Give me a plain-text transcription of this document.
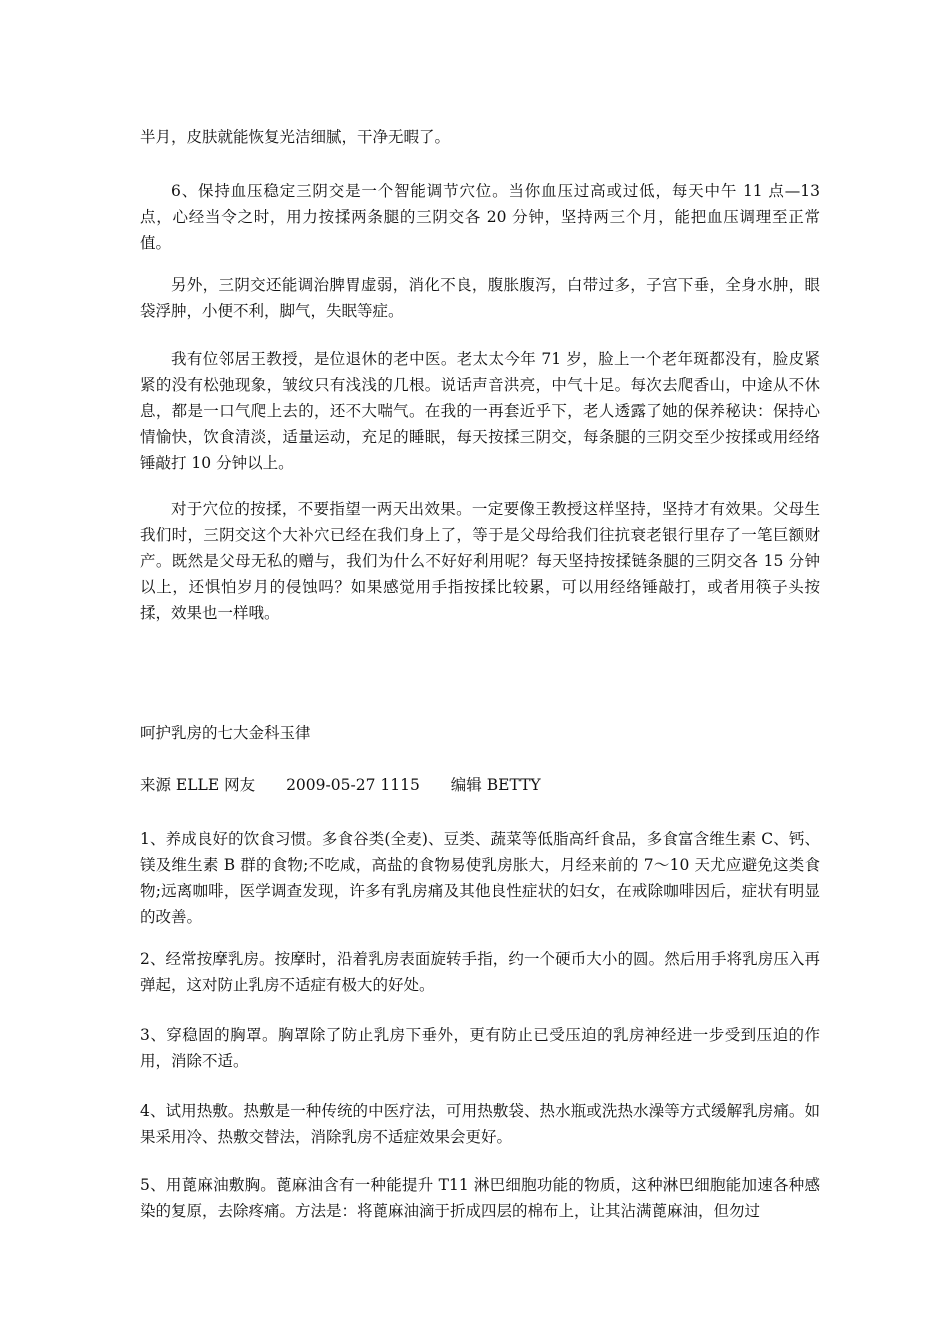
半月，皮肤就能恢复光洁细腻，干净无暇了。

6、保持血压稳定三阴交是一个智能调节穴位。当你血压过高或过低，每天中午 11 点—13 点，心经当令之时，用力按揉两条腿的三阴交各 20 分钟，坚持两三个月，能把血压调理至正常值。

另外，三阴交还能调治脾胃虚弱，消化不良，腹胀腹泻，白带过多，子宫下垂，全身水肿，眼袋浮肿，小便不利，脚气，失眠等症。

我有位邻居王教授，是位退休的老中医。老太太今年 71 岁，脸上一个老年斑都没有，脸皮紧紧的没有松弛现象，皱纹只有浅浅的几根。说话声音洪亮，中气十足。每次去爬香山，中途从不休息，都是一口气爬上去的，还不大喘气。在我的一再套近乎下，老人透露了她的保养秘诀：保持心情愉快，饮食清淡，适量运动，充足的睡眠，每天按揉三阴交，每条腿的三阴交至少按揉或用经络锤敲打 10 分钟以上。

对于穴位的按揉，不要指望一两天出效果。一定要像王教授这样坚持，坚持才有效果。父母生我们时，三阴交这个大补穴已经在我们身上了，等于是父母给我们往抗衰老银行里存了一笔巨额财产。既然是父母无私的赠与，我们为什么不好好利用呢？每天坚持按揉链条腿的三阴交各 15 分钟以上，还惧怕岁月的侵蚀吗？如果感觉用手指按揉比较累，可以用经络锤敲打，或者用筷子头按揉，效果也一样哦。

呵护乳房的七大金科玉律

来源 ELLE 网友　　2009-05-27 1115　　编辑 BETTY

1、养成良好的饮食习惯。多食谷类(全麦)、豆类、蔬菜等低脂高纤食品，多食富含维生素 C、钙、镁及维生素 B 群的食物;不吃咸，高盐的食物易使乳房胀大，月经来前的 7～10 天尤应避免这类食物;远离咖啡，医学调查发现，许多有乳房痛及其他良性症状的妇女，在戒除咖啡因后，症状有明显的改善。

2、经常按摩乳房。按摩时，沿着乳房表面旋转手指，约一个硬币大小的圆。然后用手将乳房压入再弹起，这对防止乳房不适症有极大的好处。

3、穿稳固的胸罩。胸罩除了防止乳房下垂外，更有防止已受压迫的乳房神经进一步受到压迫的作用，消除不适。

4、试用热敷。热敷是一种传统的中医疗法，可用热敷袋、热水瓶或洗热水澡等方式缓解乳房痛。如果采用冷、热敷交替法，消除乳房不适症效果会更好。

5、用蓖麻油敷胸。蓖麻油含有一种能提升 T11 淋巴细胞功能的物质，这种淋巴细胞能加速各种感染的复原，去除疼痛。方法是：将蓖麻油滴于折成四层的棉布上，让其沾满蓖麻油，但勿过
